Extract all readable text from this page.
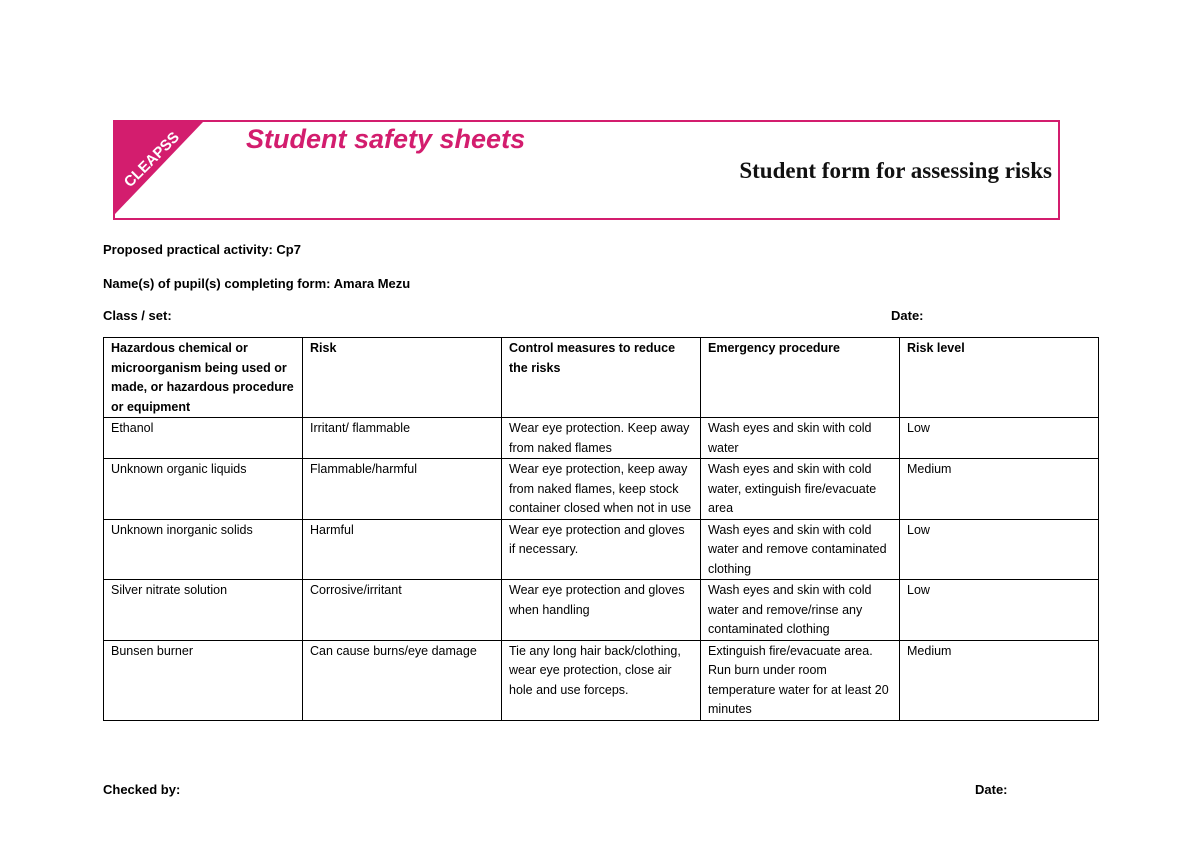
CLEAPSS Student safety sheets
Student form for assessing risks
Proposed practical activity: Cp7
Name(s) of pupil(s) completing form: Amara Mezu
Class / set:	Date:
Hazardous chemical or microorganism being used or made, or hazardous procedure or equipment	Risk	Control measures to reduce the risks	Emergency procedure	Risk level
Ethanol	Irritant/ flammable	Wear eye protection. Keep away from naked flames	Wash eyes and skin with cold water	Low
Unknown organic liquids	Flammable/harmful	Wear eye protection, keep away from naked flames, keep stock container closed when not in use	Wash eyes and skin with cold water, extinguish fire/evacuate area	Medium
Unknown inorganic solids	Harmful	Wear eye protection and gloves if necessary.	Wash eyes and skin with cold water and remove contaminated clothing	Low
Silver nitrate solution	Corrosive/irritant	Wear eye protection and gloves when handling	Wash eyes and skin with cold water and remove/rinse any contaminated clothing	Low
Bunsen burner	Can cause burns/eye damage	Tie any long hair back/clothing, wear eye protection, close air hole and use forceps.	Extinguish fire/evacuate area. Run burn under room temperature water for at least 20 minutes	Medium
Checked by:	Date:
